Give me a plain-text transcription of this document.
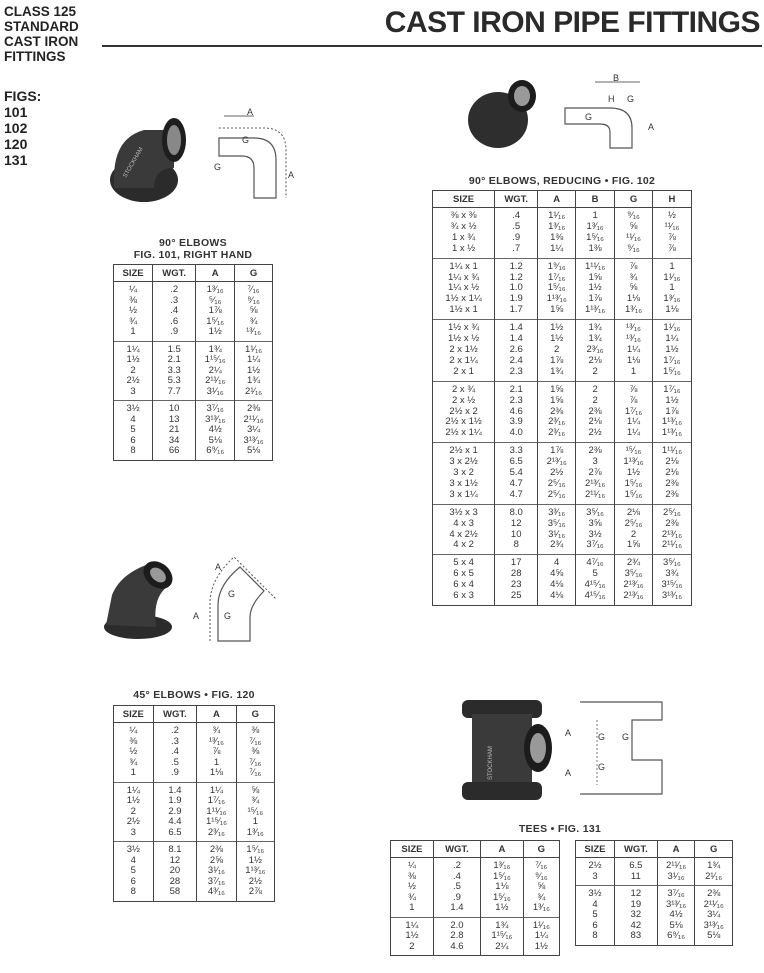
CLASS 125
STANDARD
CAST IRON
FITTINGS
FIGS:
101
102
120
131
CAST IRON PIPE FITTINGS
STOCKHAM
A
G
G
A
90° ELBOWS
FIG. 101, RIGHT HAND
SIZE	WGT.	A	G
¼	.2	1³⁄₁₆	⁷⁄₁₆
⅜	.3	⁵⁄₁₆	⁹⁄₁₆
½	.4	1⅞	⅝
¾	.6	1⁵⁄₁₆	¾
1	.9	1½	¹³⁄₁₆
1¼	1.5	1¾	1¹⁄₁₆
1½	2.1	1¹⁵⁄₁₆	1¼
2	3.3	2¼	1½
2½	5.3	2¹¹⁄₁₆	1¾
3	7.7	3¹⁄₁₆	2¹⁄₁₆
3½	10	3⁷⁄₁₆	2⅜
4	13	3¹³⁄₁₆	2¹¹⁄₁₆
5	21	4½	3¼
6	34	5⅛	3¹³⁄₁₆
8	66	6⁹⁄₁₆	5⅛
B
H
G
G
A
90° ELBOWS, REDUCING • FIG. 102
SIZE	WGT.	A	B	G	H
⅜ x ⅜	.4	1¹⁄₁₆	1	⁹⁄₁₆	½
¾ x ½	.5	1³⁄₁₆	1³⁄₁₆	⅝	¹¹⁄₁₆
1 x ¾	.9	1⅜	1⁵⁄₁₆	¹¹⁄₁₆	⅞
1 x ½	.7	1¼	1⅜	⁹⁄₁₆	⅞
1¼ x 1	1.2	1⁹⁄₁₆	1¹¹⁄₁₆	⅞	1
1¼ x ¾	1.2	1⁷⁄₁₆	1⅝	¾	1¹⁄₁₆
1¼ x ½	1.0	1⁵⁄₁₆	1½	⅝	1
1½ x 1¼	1.9	1¹³⁄₁₆	1⅞	1⅛	1³⁄₁₆
1½ x 1	1.7	1⅝	1¹³⁄₁₆	1³⁄₁₆	1⅛
1½ x ¾	1.4	1½	1¾	¹³⁄₁₆	1¹⁄₁₆
1½ x ½	1.4	1½	1¾	¹³⁄₁₆	1¼
2 x 1½	2.6	2	2³⁄₁₆	1¼	1½
2 x 1¼	2.4	1⅞	2⅛	1⅛	1⁷⁄₁₆
2 x 1	2.3	1¾	2	1	1⁵⁄₁₆
2 x ¾	2.1	1⅝	2	⅞	1⁷⁄₁₆
2 x ½	2.3	1⅝	2	⅞	1½
2½ x 2	4.6	2⅜	2⅜	1⁷⁄₁₆	1⅞
2½ x 1½	3.9	2³⁄₁₆	2⅛	1¼	1¹³⁄₁₆
2½ x 1¼	4.0	2³⁄₁₆	2½	1¼	1¹³⁄₁₆
2½ x 1	3.3	1⅞	2⅜	¹⁵⁄₁₆	1¹¹⁄₁₆
3 x 2½	6.5	2¹³⁄₁₆	3	1¹³⁄₁₆	2⅛
3 x 2	5.4	2½	2⅞	1½	2⅛
3 x 1½	4.7	2⁵⁄₁₆	2¹³⁄₁₆	1⁵⁄₁₆	2⅜
3 x 1¼	4.7	2⁵⁄₁₆	2¹¹⁄₁₆	1⁵⁄₁₆	2⅜
3½ x 3	8.0	3³⁄₁₆	3⁵⁄₁₆	2⅛	2⁵⁄₁₆
4 x 3	12	3⁵⁄₁₆	3⅝	2⁵⁄₁₆	2⅜
4 x 2½	10	3¹⁄₁₆	3½	2	2¹³⁄₁₆
4 x 2	8	2¾	3⁷⁄₁₆	1⅝	2¹¹⁄₁₆
5 x 4	17	4	4⁷⁄₁₆	2¾	3⁵⁄₁₆
6 x 5	28	4⅝	5	3⁵⁄₁₆	3¾
6 x 4	23	4⅛	4¹⁵⁄₁₆	2¹³⁄₁₆	3¹⁵⁄₁₆
6 x 3	25	4⅛	4¹⁵⁄₁₆	2¹³⁄₁₆	3¹³⁄₁₆
A
G
G
A
45° ELBOWS • FIG. 120
SIZE	WGT.	A	G
¼	.2	¾	⅜
⅜	.3	¹³⁄₁₆	⁷⁄₁₆
½	.4	⅞	⅜
¾	.5	1	⁷⁄₁₆
1	.9	1⅛	⁷⁄₁₆
1¼	1.4	1¼	⅝
1½	1.9	1⁷⁄₁₆	¾
2	2.9	1¹¹⁄₁₆	¹⁵⁄₁₆
2½	4.4	1¹⁵⁄₁₆	1
3	6.5	2³⁄₁₆	1³⁄₁₆
3½	8.1	2⅜	1⁵⁄₁₆
4	12	2⅝	1½
5	20	3¹⁄₁₆	1¹³⁄₁₆
6	28	3⁷⁄₁₆	2½
8	58	4³⁄₁₆	2⅞
STOCKHAM
A
A
G G
G
TEES • FIG. 131
SIZE	WGT.	A	G
¼	.2	1³⁄₁₆	⁷⁄₁₆
⅜	.4	1⁵⁄₁₆	⁹⁄₁₆
½	.5	1⅛	⅝
¾	.9	1⁵⁄₁₆	¾
1	1.4	1½	1³⁄₁₆
1¼	2.0	1¾	1¹⁄₁₆
1½	2.8	1¹⁵⁄₁₆	1¼
2	4.6	2¼	1½
SIZE	WGT.	A	G
2½	6.5	2¹¹⁄₁₆	1¾
3	11	3¹⁄₁₆	2¹⁄₁₆
3½	12	3⁷⁄₁₆	2⅜
4	19	3¹³⁄₁₆	2¹¹⁄₁₆
5	32	4½	3¼
6	42	5⅛	3¹³⁄₁₆
8	83	6⁹⁄₁₆	5⅛
